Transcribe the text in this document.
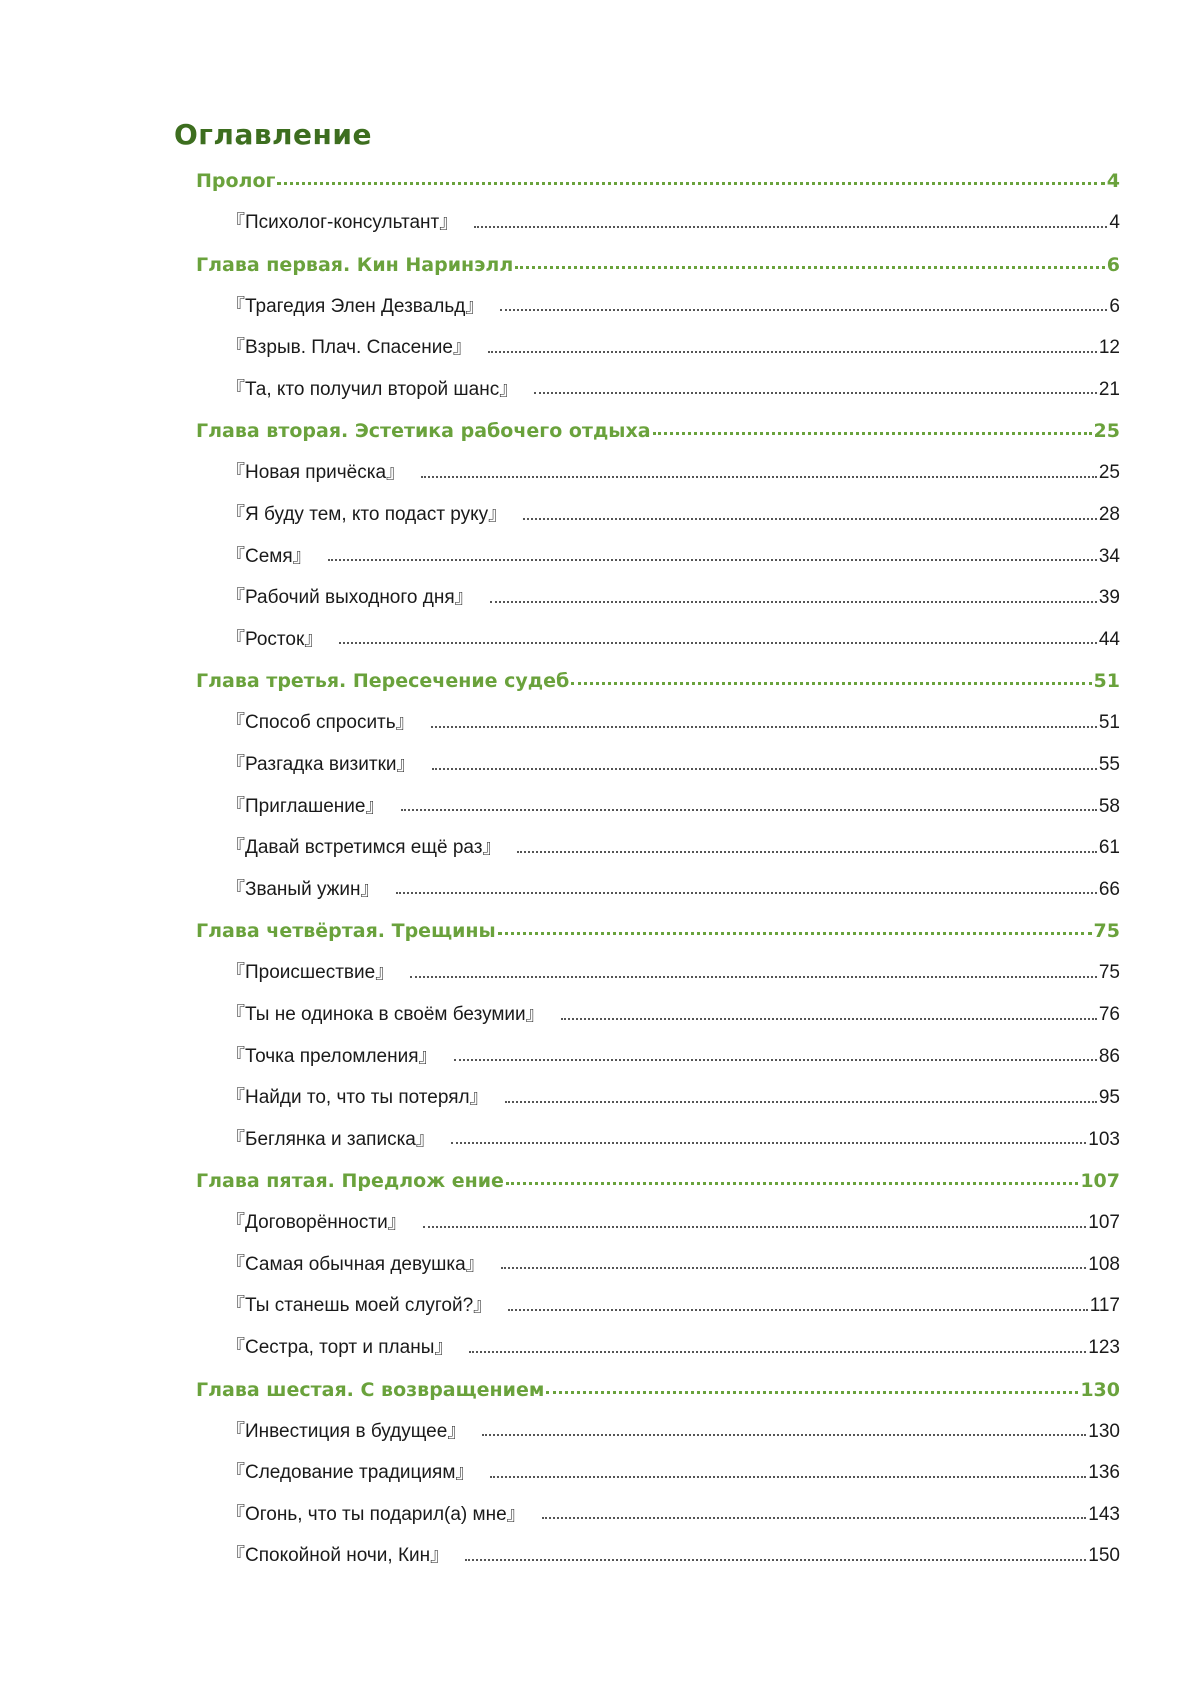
Оглавление
Пролог	4
『Психолог-консультант』	4
Глава первая. Кин Наринэлл	6
『Трагедия Элен Дезвальд』	6
『Взрыв. Плач. Спасение』	12
『Та, кто получил второй шанс』	21
Глава вторая. Эстетика рабочего отдыха	25
『Новая причёска』	25
『Я буду тем, кто подаст руку』	28
『Семя』	34
『Рабочий выходного дня』	39
『Росток』	44
Глава третья. Пересечение судеб	51
『Способ спросить』	51
『Разгадка визитки』	55
『Приглашение』	58
『Давай встретимся ещё раз』	61
『Званый ужин』	66
Глава четвёртая. Трещины	75
『Происшествие』	75
『Ты не одинока в своём безумии』	76
『Точка преломления』	86
『Найди то, что ты потерял』	95
『Беглянка и записка』	103
Глава пятая. Предлож ение	107
『Договорённости』	107
『Самая обычная девушка』	108
『Ты станешь моей слугой?』	117
『Сестра, торт и планы』	123
Глава шестая. С возвращением	130
『Инвестиция в будущее』	130
『Следование традициям』	136
『Огонь, что ты подарил(а) мне』	143
『Спокойной ночи, Кин』	150
